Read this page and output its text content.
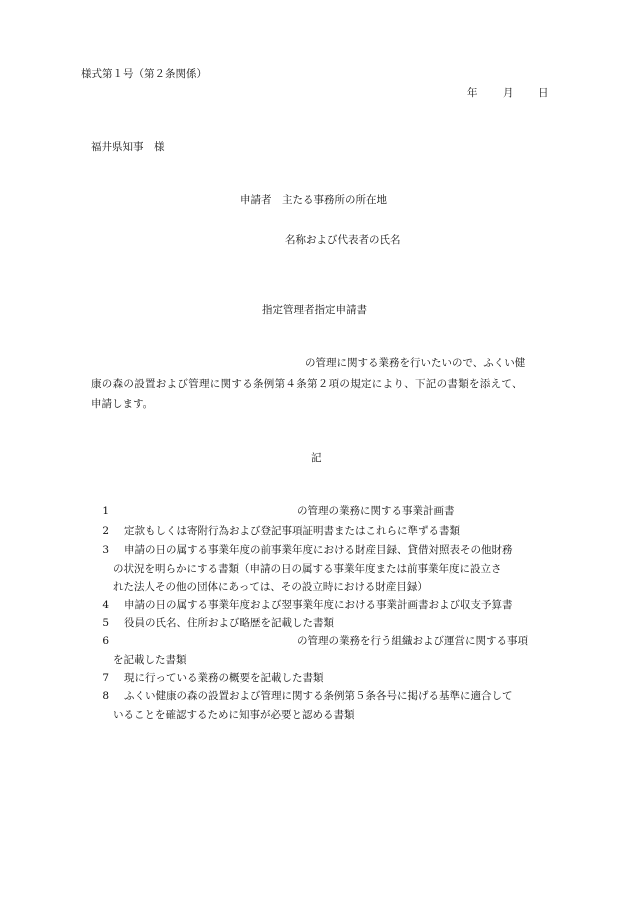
様式第１号（第２条関係）
年 月 日
福井県知事　様
申請者　主たる事務所の所在地
名称および代表者の氏名
指定管理者指定申請書
の管理に関する業務を行いたいので、ふくい健
康の森の設置および管理に関する条例第４条第２項の規定により、下記の書類を添えて、
申請します。
記
1	の管理の業務に関する事業計画書
2 定款もしくは寄附行為および登記事項証明書またはこれらに準ずる書類
3 申請の日の属する事業年度の前事業年度における財産目録、貸借対照表その他財務
の状況を明らかにする書類（申請の日の属する事業年度または前事業年度に設立さ
れた法人その他の団体にあっては、その設立時における財産目録）
4 申請の日の属する事業年度および翌事業年度における事業計画書および収支予算書
5 役員の氏名、住所および略歴を記載した書類
6	の管理の業務を行う組織および運営に関する事項
を記載した書類
7 現に行っている業務の概要を記載した書類
8 ふくい健康の森の設置および管理に関する条例第５条各号に掲げる基準に適合して
いることを確認するために知事が必要と認める書類
